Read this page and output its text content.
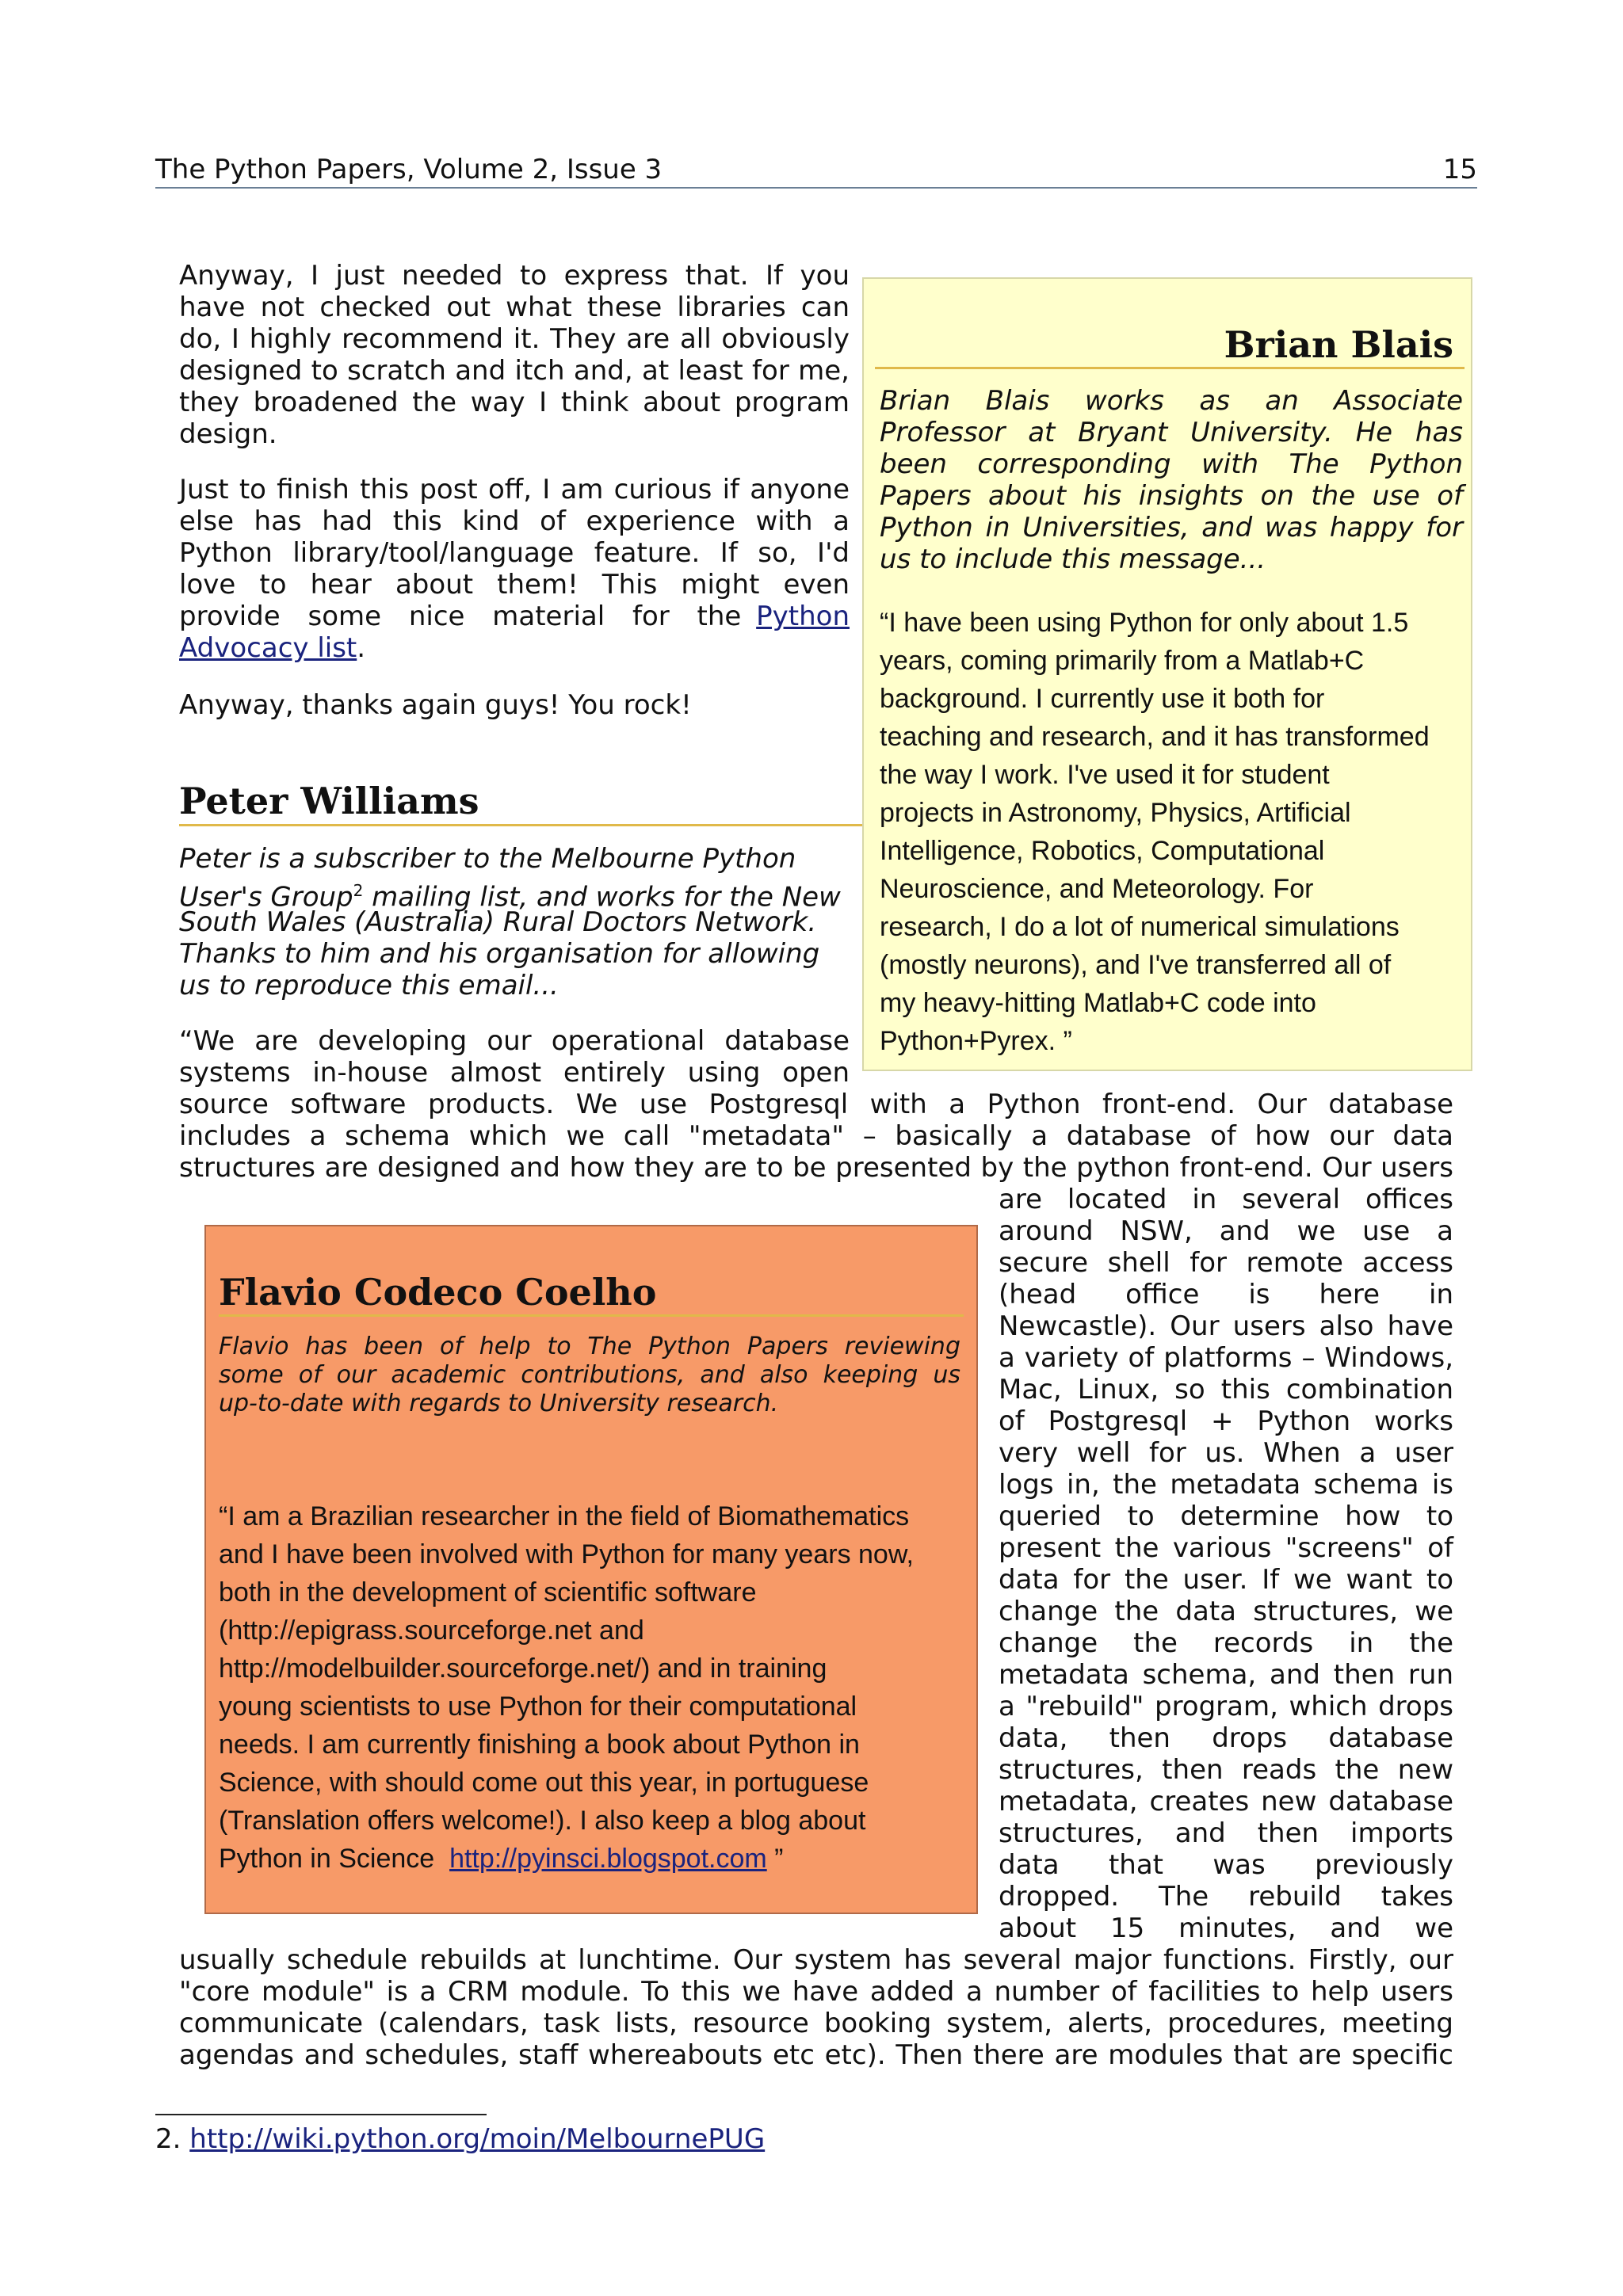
The Python Papers, Volume 2, Issue 3	15
Anyway, I just needed to express that. If you
have not checked out what these libraries can
do, I highly recommend it. They are all obviously
designed to scratch and itch and, at least for me,
they broadened the way I think about program
design.
Just to finish this post off, I am curious if anyone
else has had this kind of experience with a
Python library/tool/language feature. If so, I'd
love to hear about them! This might even
provide some nice material for the Python
Advocacy list.
Anyway, thanks again guys! You rock!
Brian Blais
Brian Blais works as an Associate
Professor at Bryant University. He has
been corresponding with The Python
Papers about his insights on the use of
Python in Universities, and was happy for
us to include this message...
“I have been using Python for only about 1.5
years, coming primarily from a Matlab+C
background. I currently use it both for
teaching and research, and it has transformed
the way I work. I've used it for student
projects in Astronomy, Physics, Artificial
Intelligence, Robotics, Computational
Neuroscience, and Meteorology. For
research, I do a lot of numerical simulations
(mostly neurons), and I've transferred all of
my heavy-hitting Matlab+C code into
Python+Pyrex. ”
Peter Williams
Peter is a subscriber to the Melbourne Python
User's Group$^2$ mailing list, and works for the New
South Wales (Australia) Rural Doctors Network.
Thanks to him and his organisation for allowing
us to reproduce this email...
“We are developing our operational database
systems in-house almost entirely using open
source software products. We use Postgresql with a Python front-end. Our database
includes a schema which we call "metadata" – basically a database of how our data
structures are designed and how they are to be presented by the python front-end. Our users
are located in several offices
around NSW, and we use a
secure shell for remote access
(head office is here in
Newcastle). Our users also have
a variety of platforms – Windows,
Mac, Linux, so this combination
of Postgresql + Python works
very well for us. When a user
logs in, the metadata schema is
queried to determine how to
present the various "screens" of
data for the user. If we want to
change the data structures, we
change the records in the
metadata schema, and then run
a "rebuild" program, which drops
data, then drops database
structures, then reads the new
metadata, creates new database
structures, and then imports
data that was previously
dropped. The rebuild takes
about 15 minutes, and we
usually schedule rebuilds at lunchtime. Our system has several major functions. Firstly, our
"core module" is a CRM module. To this we have added a number of facilities to help users
communicate (calendars, task lists, resource booking system, alerts, procedures, meeting
agendas and schedules, staff whereabouts etc etc). Then there are modules that are specific
Flavio Codeco Coelho
Flavio has been of help to The Python Papers reviewing
some of our academic contributions, and also keeping us
up-to-date with regards to University research.
“I am a Brazilian researcher in the field of Biomathematics
and I have been involved with Python for many years now,
both in the development of scientific software
(http://epigrass.sourceforge.net and
http://modelbuilder.sourceforge.net/) and in training
young scientists to use Python for their computational
needs. I am currently finishing a book about Python in
Science, with should come out this year, in portuguese
(Translation offers welcome!). I also keep a blog about
Python in Science  http://pyinsci.blogspot.com ”
2. http://wiki.python.org/moin/MelbournePUG
